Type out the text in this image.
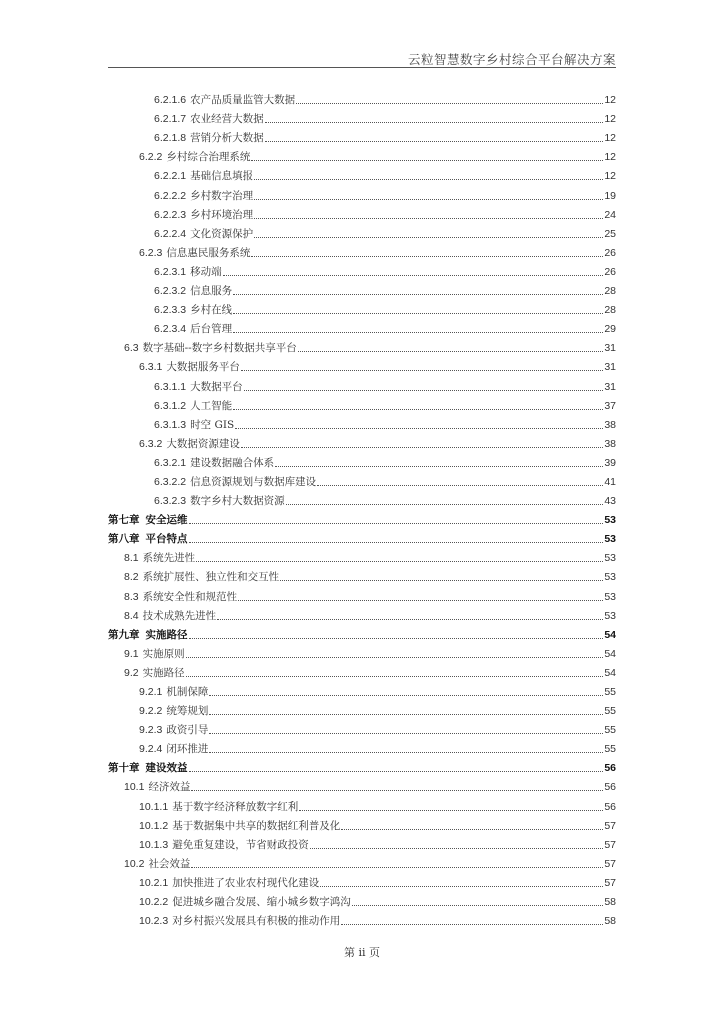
云粒智慧数字乡村综合平台解决方案
6.2.1.6 农产品质量监管大数据	12
6.2.1.7 农业经营大数据	12
6.2.1.8 营销分析大数据	12
6.2.2 乡村综合治理系统	12
6.2.2.1 基础信息填报	12
6.2.2.2 乡村数字治理	19
6.2.2.3 乡村环境治理	24
6.2.2.4 文化资源保护	25
6.2.3 信息惠民服务系统	26
6.2.3.1 移动端	26
6.2.3.2 信息服务	28
6.2.3.3 乡村在线	28
6.2.3.4 后台管理	29
6.3 数字基础--数字乡村数据共享平台	31
6.3.1 大数据服务平台	31
6.3.1.1 大数据平台	31
6.3.1.2 人工智能	37
6.3.1.3 时空 GIS	38
6.3.2 大数据资源建设	38
6.3.2.1 建设数据融合体系	39
6.3.2.2 信息资源规划与数据库建设	41
6.3.2.3 数字乡村大数据资源	43
第七章 安全运维	53
第八章 平台特点	53
8.1 系统先进性	53
8.2 系统扩展性、独立性和交互性	53
8.3 系统安全性和规范性	53
8.4 技术成熟先进性	53
第九章 实施路径	54
9.1 实施原则	54
9.2 实施路径	54
9.2.1 机制保障	55
9.2.2 统筹规划	55
9.2.3 政资引导	55
9.2.4 闭环推进	55
第十章 建设效益	56
10.1 经济效益	56
10.1.1 基于数字经济释放数字红利	56
10.1.2 基于数据集中共享的数据红利普及化	57
10.1.3 避免重复建设，节省财政投资	57
10.2 社会效益	57
10.2.1 加快推进了农业农村现代化建设	57
10.2.2 促进城乡融合发展、缩小城乡数字鸿沟	58
10.2.3 对乡村振兴发展具有积极的推动作用	58
第 ii 页
